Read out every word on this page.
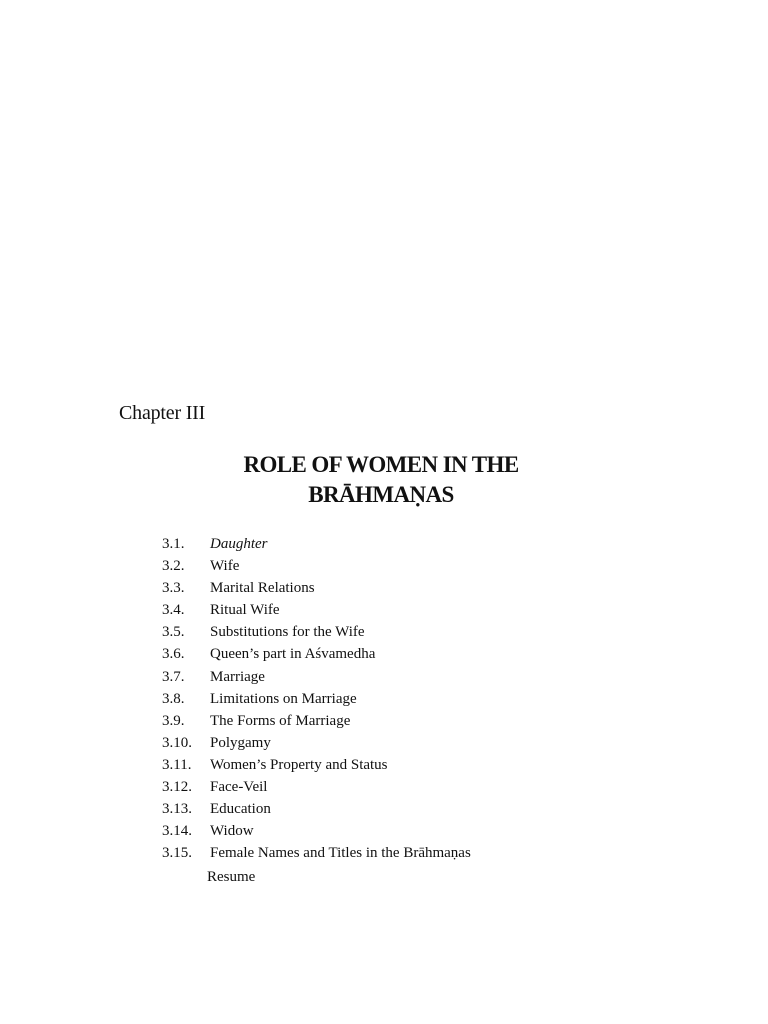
Chapter III
ROLE OF WOMEN IN THE
BRĀHMAṆAS
3.1. Daughter
3.2. Wife
3.3. Marital Relations
3.4. Ritual Wife
3.5. Substitutions for the Wife
3.6. Queen’s part in Aśvamedha
3.7. Marriage
3.8. Limitations on Marriage
3.9. The Forms of Marriage
3.10. Polygamy
3.11. Women’s Property and Status
3.12. Face-Veil
3.13. Education
3.14. Widow
3.15. Female Names and Titles in the Brāhmaṇas
Resume
